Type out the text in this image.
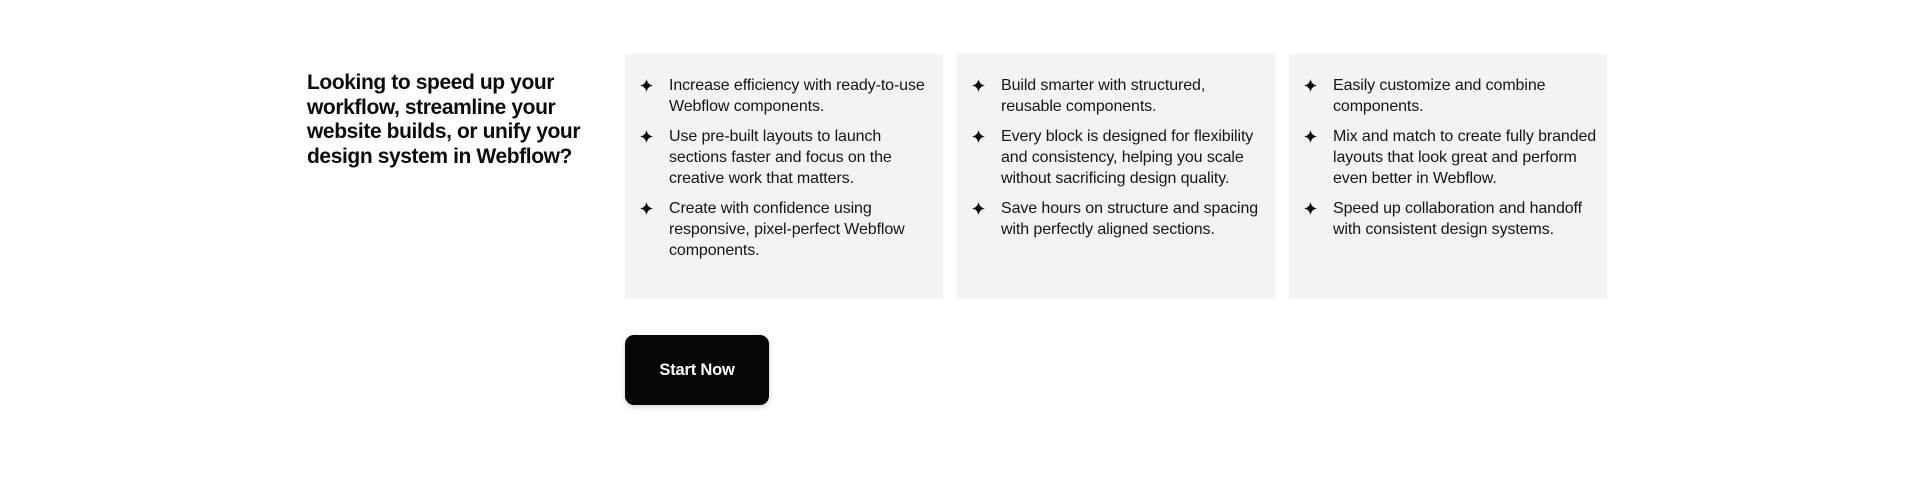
Looking to speed up your
workflow, streamline your
website builds, or unify your
design system in Webflow?
Increase efficiency with ready-to-use
Webflow components.
Use pre-built layouts to launch
sections faster and focus on the
creative work that matters.
Create with confidence using
responsive, pixel-perfect Webflow
components.
Build smarter with structured,
reusable components.
Every block is designed for flexibility
and consistency, helping you scale
without sacrificing design quality.
Save hours on structure and spacing
with perfectly aligned sections.
Easily customize and combine
components.
Mix and match to create fully branded
layouts that look great and perform
even better in Webflow.
Speed up collaboration and handoff
with consistent design systems.
Start Now
